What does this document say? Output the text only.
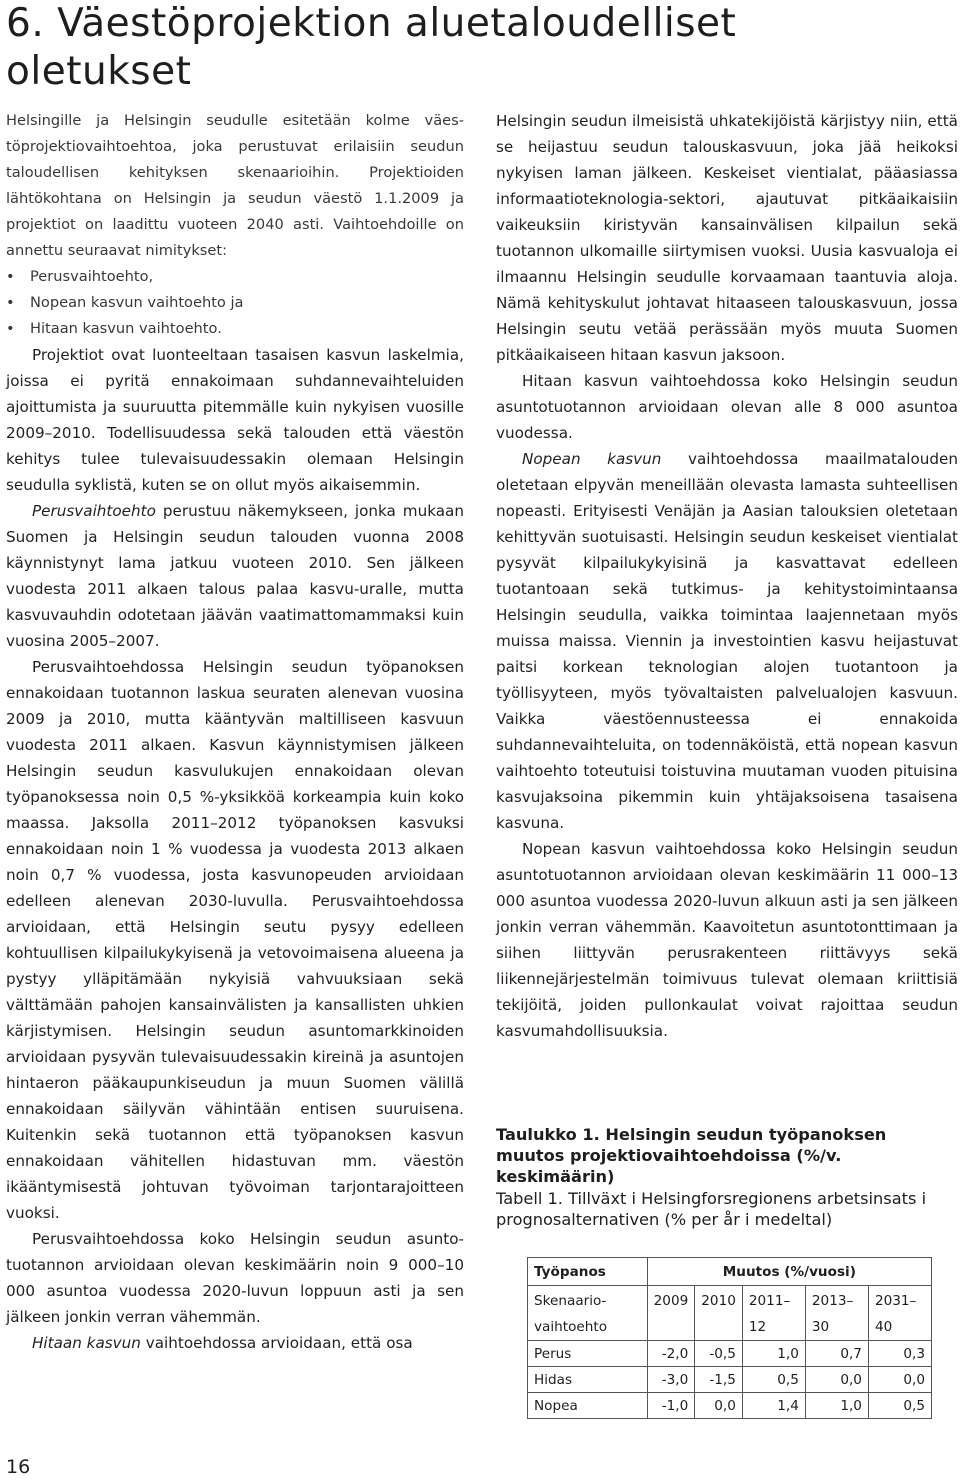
6. Väestöprojektion aluetaloudelliset oletukset

Helsingille ja Helsingin seudulle esitetään kolme väestöprojektiovaihtoehtoa, joka perustuvat erilaisiin seudun taloudellisen kehityksen skenaarioihin. Projektioiden lähtökohtana on Helsingin ja seudun väestö 1.1.2009 ja projektiot on laadittu vuoteen 2040 asti. Vaihtoehdoille on annettu seuraavat nimitykset:

• Perusvaihtoehto,
• Nopean kasvun vaihtoehto ja
• Hitaan kasvun vaihtoehto.

Projektiot ovat luonteeltaan tasaisen kasvun laskelmia, joissa ei pyritä ennakoimaan suhdannevaihteluiden ajoittumista ja suuruutta pitemmälle kuin nykyisen vuosille 2009–2010. Todellisuudessa sekä talouden että väestön kehitys tulee tulevaisuudessakin olemaan Helsingin seudulla syklistä, kuten se on ollut myös aikaisemmin.

Perusvaihtoehto perustuu näkemykseen, jonka mukaan Suomen ja Helsingin seudun talouden vuonna 2008 käynnistynyt lama jatkuu vuoteen 2010. Sen jälkeen vuodesta 2011 alkaen talous palaa kasvu-uralle, mutta kasvuvauhdin odotetaan jäävän vaatimattomammaksi kuin vuosina 2005–2007.

Perusvaihtoehdossa Helsingin seudun työpanoksen ennakoidaan tuotannon laskua seuraten alenevan vuosina 2009 ja 2010, mutta kääntyvän maltilliseen kasvuun vuodesta 2011 alkaen. Kasvun käynnistymisen jälkeen Helsingin seudun kasvulukujen ennakoidaan olevan työpanoksessa noin 0,5 %-yksikköä korkeampia kuin koko maassa. Jaksolla 2011–2012 työpanoksen kasvuksi ennakoidaan noin 1 % vuodessa ja vuodesta 2013 alkaen noin 0,7 % vuodessa, josta kasvunopeuden arvioidaan edelleen alenevan 2030-luvulla. Perusvaihtoehdossa arvioidaan, että Helsingin seutu pysyy edelleen kohtuullisen kilpailukykyisenä ja vetovoimaisena alueena ja pystyy ylläpitämään nykyisiä vahvuuksiaan sekä välttämään pahojen kansainvälisten ja kansallisten uhkien kärjistymisen. Helsingin seudun asuntomarkkinoiden arvioidaan pysyvän tulevaisuudessakin kireinä ja asuntojen hintaeron pääkaupunkiseudun ja muun Suomen välillä ennakoidaan säilyvän vähintään entisen suuruisena. Kuitenkin sekä tuotannon että työpanoksen kasvun ennakoidaan vähitellen hidastuvan mm. väestön ikääntymisestä johtuvan työvoiman tarjontarajoitteen vuoksi.

Perusvaihtoehdossa koko Helsingin seudun asuntotuotannon arvioidaan olevan keskimäärin noin 9 000–10 000 asuntoa vuodessa 2020-luvun loppuun asti ja sen jälkeen jonkin verran vähemmän.

Hitaan kasvun vaihtoehdossa arvioidaan, että osa

Helsingin seudun ilmeisistä uhkatekijöistä kärjistyy niin, että se heijastuu seudun talouskasvuun, joka jää heikoksi nykyisen laman jälkeen. Keskeiset vientialat, pääasiassa informaatioteknologia-sektori, ajautuvat pitkäaikaisiin vaikeuksiin kiristyvän kansainvälisen kilpailun sekä tuotannon ulkomaille siirtymisen vuoksi. Uusia kasvualoja ei ilmaannu Helsingin seudulle korvaamaan taantuvia aloja. Nämä kehityskulut johtavat hitaaseen talouskasvuun, jossa Helsingin seutu vetää perässään myös muuta Suomen pitkäaikaiseen hitaan kasvun jaksoon.

Hitaan kasvun vaihtoehdossa koko Helsingin seudun asuntotuotannon arvioidaan olevan alle 8 000 asuntoa vuodessa.

Nopean kasvun vaihtoehdossa maailmatalouden oletetaan elpyvän meneillään olevasta lamasta suhteellisen nopeasti. Erityisesti Venäjän ja Aasian talouksien oletetaan kehittyvän suotuisasti. Helsingin seudun keskeiset vientialat pysyvät kilpailukykyisinä ja kasvattavat edelleen tuotantoaan sekä tutkimus- ja kehitystoimintaansa Helsingin seudulla, vaikka toimintaa laajennetaan myös muissa maissa. Viennin ja investointien kasvu heijastuvat paitsi korkean teknologian alojen tuotantoon ja työllisyyteen, myös työvaltaisten palvelualojen kasvuun. Vaikka väestöennusteessa ei ennakoida suhdannevaihteluita, on todennäköistä, että nopean kasvun vaihtoehto toteutuisi toistuvina muutaman vuoden pituisina kasvujaksoina pikemmin kuin yhtäjaksoisena tasaisena kasvuna.

Nopean kasvun vaihtoehdossa koko Helsingin seudun asuntotuotannon arvioidaan olevan keskimäärin 11 000–13 000 asuntoa vuodessa 2020-luvun alkuun asti ja sen jälkeen jonkin verran vähemmän. Kaavoitetun asuntotonttimaan ja siihen liittyvän perusrakenteen riittävyys sekä liikennejärjestelmän toimivuus tulevat olemaan kriittisiä tekijöitä, joiden pullonkaulat voivat rajoittaa seudun kasvumahdollisuuksia.

Taulukko 1. Helsingin seudun työpanoksen muutos projektiovaihtoehdoissa (%/v. keskimäärin)
Tabell 1. Tillväxt i Helsingforsregionens arbetsinsats i prognosalternativen (% per år i medeltal)
Työpanos	Muutos (%/vuosi)				
Skenaariovaihtoehto	2009	2010	2011–12	2013–30	2031–40
Perus	-2,0	-0,5	1,0	0,7	0,3
Hidas	-3,0	-1,5	0,5	0,0	0,0
Nopea	-1,0	0,0	1,4	1,0	0,5
16
